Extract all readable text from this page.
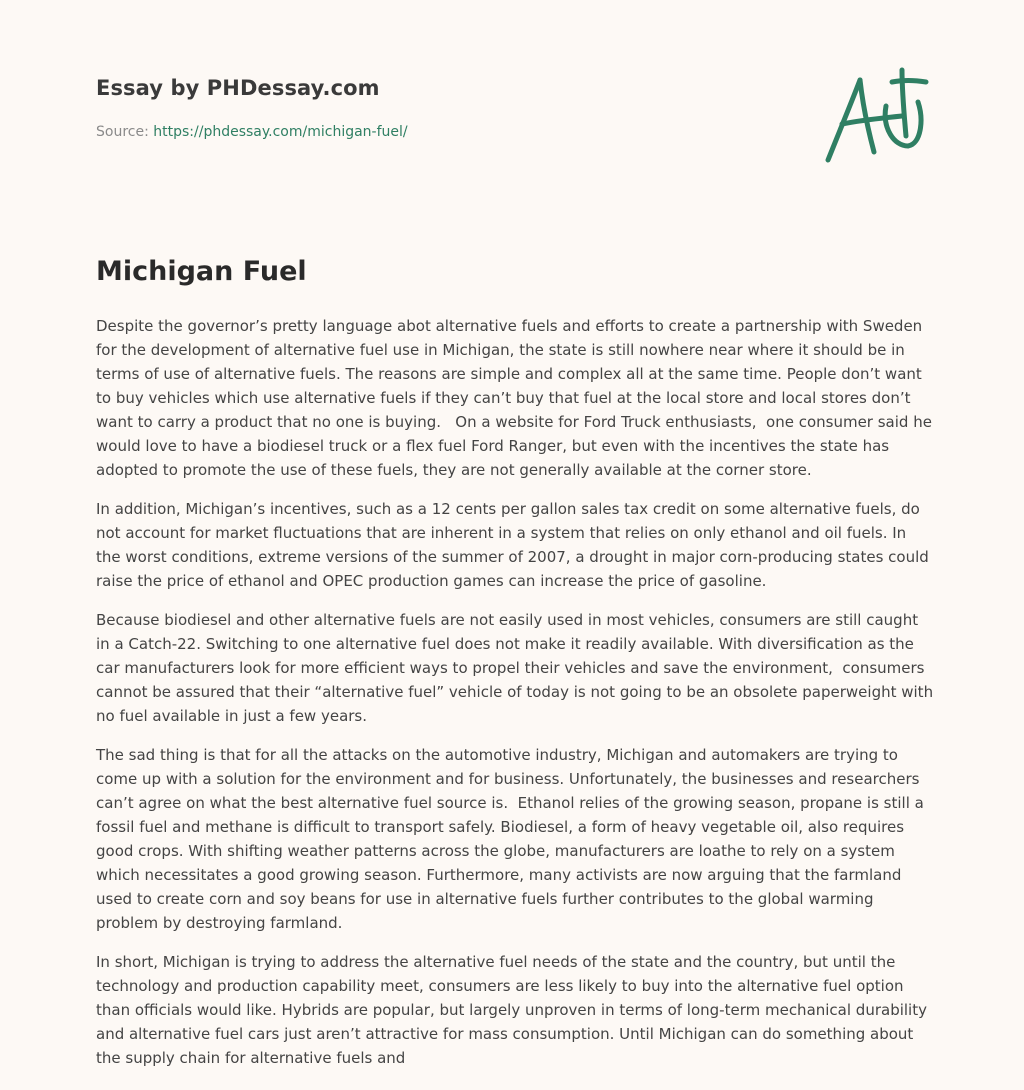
Essay by PHDessay.com
Source: https://phdessay.com/michigan-fuel/
Michigan Fuel

Despite the governor’s pretty language abot alternative fuels and efforts to create a partnership with Sweden for the development of alternative fuel use in Michigan, the state is still nowhere near where it should be in terms of use of alternative fuels. The reasons are simple and complex all at the same time. People don’t want to buy vehicles which use alternative fuels if they can’t buy that fuel at the local store and local stores don’t want to carry a product that no one is buying.   On a website for Ford Truck enthusiasts,  one consumer said he would love to have a biodiesel truck or a flex fuel Ford Ranger, but even with the incentives the state has adopted to promote the use of these fuels, they are not generally available at the corner store.

In addition, Michigan’s incentives, such as a 12 cents per gallon sales tax credit on some alternative fuels, do not account for market fluctuations that are inherent in a system that relies on only ethanol and oil fuels. In the worst conditions, extreme versions of the summer of 2007, a drought in major corn-producing states could raise the price of ethanol and OPEC production games can increase the price of gasoline.

Because biodiesel and other alternative fuels are not easily used in most vehicles, consumers are still caught in a Catch-22. Switching to one alternative fuel does not make it readily available. With diversification as the car manufacturers look for more efficient ways to propel their vehicles and save the environment,  consumers cannot be assured that their “alternative fuel” vehicle of today is not going to be an obsolete paperweight with no fuel available in just a few years.

The sad thing is that for all the attacks on the automotive industry, Michigan and automakers are trying to come up with a solution for the environment and for business. Unfortunately, the businesses and researchers can’t agree on what the best alternative fuel source is.  Ethanol relies of the growing season, propane is still a fossil fuel and methane is difficult to transport safely. Biodiesel, a form of heavy vegetable oil, also requires good crops. With shifting weather patterns across the globe, manufacturers are loathe to rely on a system which necessitates a good growing season. Furthermore, many activists are now arguing that the farmland used to create corn and soy beans for use in alternative fuels further contributes to the global warming problem by destroying farmland.

In short, Michigan is trying to address the alternative fuel needs of the state and the country, but until the technology and production capability meet, consumers are less likely to buy into the alternative fuel option than officials would like. Hybrids are popular, but largely unproven in terms of long-term mechanical durability and alternative fuel cars just aren’t attractive for mass consumption. Until Michigan can do something about the supply chain for alternative fuels and
